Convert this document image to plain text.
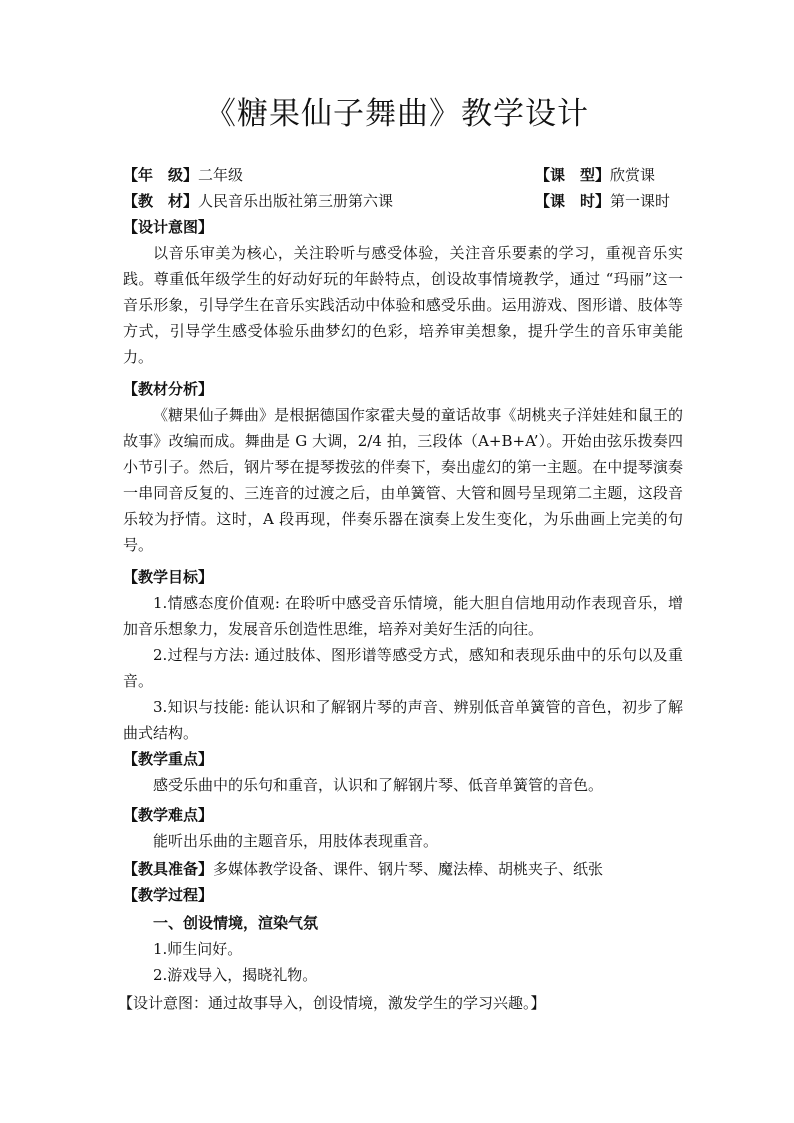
《糖果仙子舞曲》教学设计
【年　级】二年级	【课　型】欣赏课
【教　材】人民音乐出版社第三册第六课	【课　时】第一课时
【设计意图】
以音乐审美为核心，关注聆听与感受体验，关注音乐要素的学习，重视音乐实践。尊重低年级学生的好动好玩的年龄特点，创设故事情境教学，通过 “玛丽”这一音乐形象，引导学生在音乐实践活动中体验和感受乐曲。运用游戏、图形谱、肢体等方式，引导学生感受体验乐曲梦幻的色彩，培养审美想象，提升学生的音乐审美能力。
【教材分析】
《糖果仙子舞曲》是根据德国作家霍夫曼的童话故事《胡桃夹子洋娃娃和鼠王的故事》改编而成。舞曲是 G 大调，2/4 拍，三段体（A+B+A’）。开始由弦乐拨奏四小节引子。然后，钢片琴在提琴拨弦的伴奏下，奏出虚幻的第一主题。在中提琴演奏一串同音反复的、三连音的过渡之后，由单簧管、大管和圆号呈现第二主题，这段音乐较为抒情。这时，A 段再现，伴奏乐器在演奏上发生变化，为乐曲画上完美的句号。
【教学目标】
1.情感态度价值观: 在聆听中感受音乐情境，能大胆自信地用动作表现音乐，增加音乐想象力，发展音乐创造性思维，培养对美好生活的向往。
2.过程与方法: 通过肢体、图形谱等感受方式，感知和表现乐曲中的乐句以及重音。
3.知识与技能: 能认识和了解钢片琴的声音、辨别低音单簧管的音色，初步了解曲式结构。
【教学重点】
感受乐曲中的乐句和重音，认识和了解钢片琴、低音单簧管的音色。
【教学难点】
能听出乐曲的主题音乐，用肢体表现重音。
【教具准备】多媒体教学设备、课件、钢片琴、魔法棒、胡桃夹子、纸张
【教学过程】
一、创设情境，渲染气氛
1.师生问好。
2.游戏导入，揭晓礼物。
【设计意图：通过故事导入，创设情境，激发学生的学习兴趣。】
